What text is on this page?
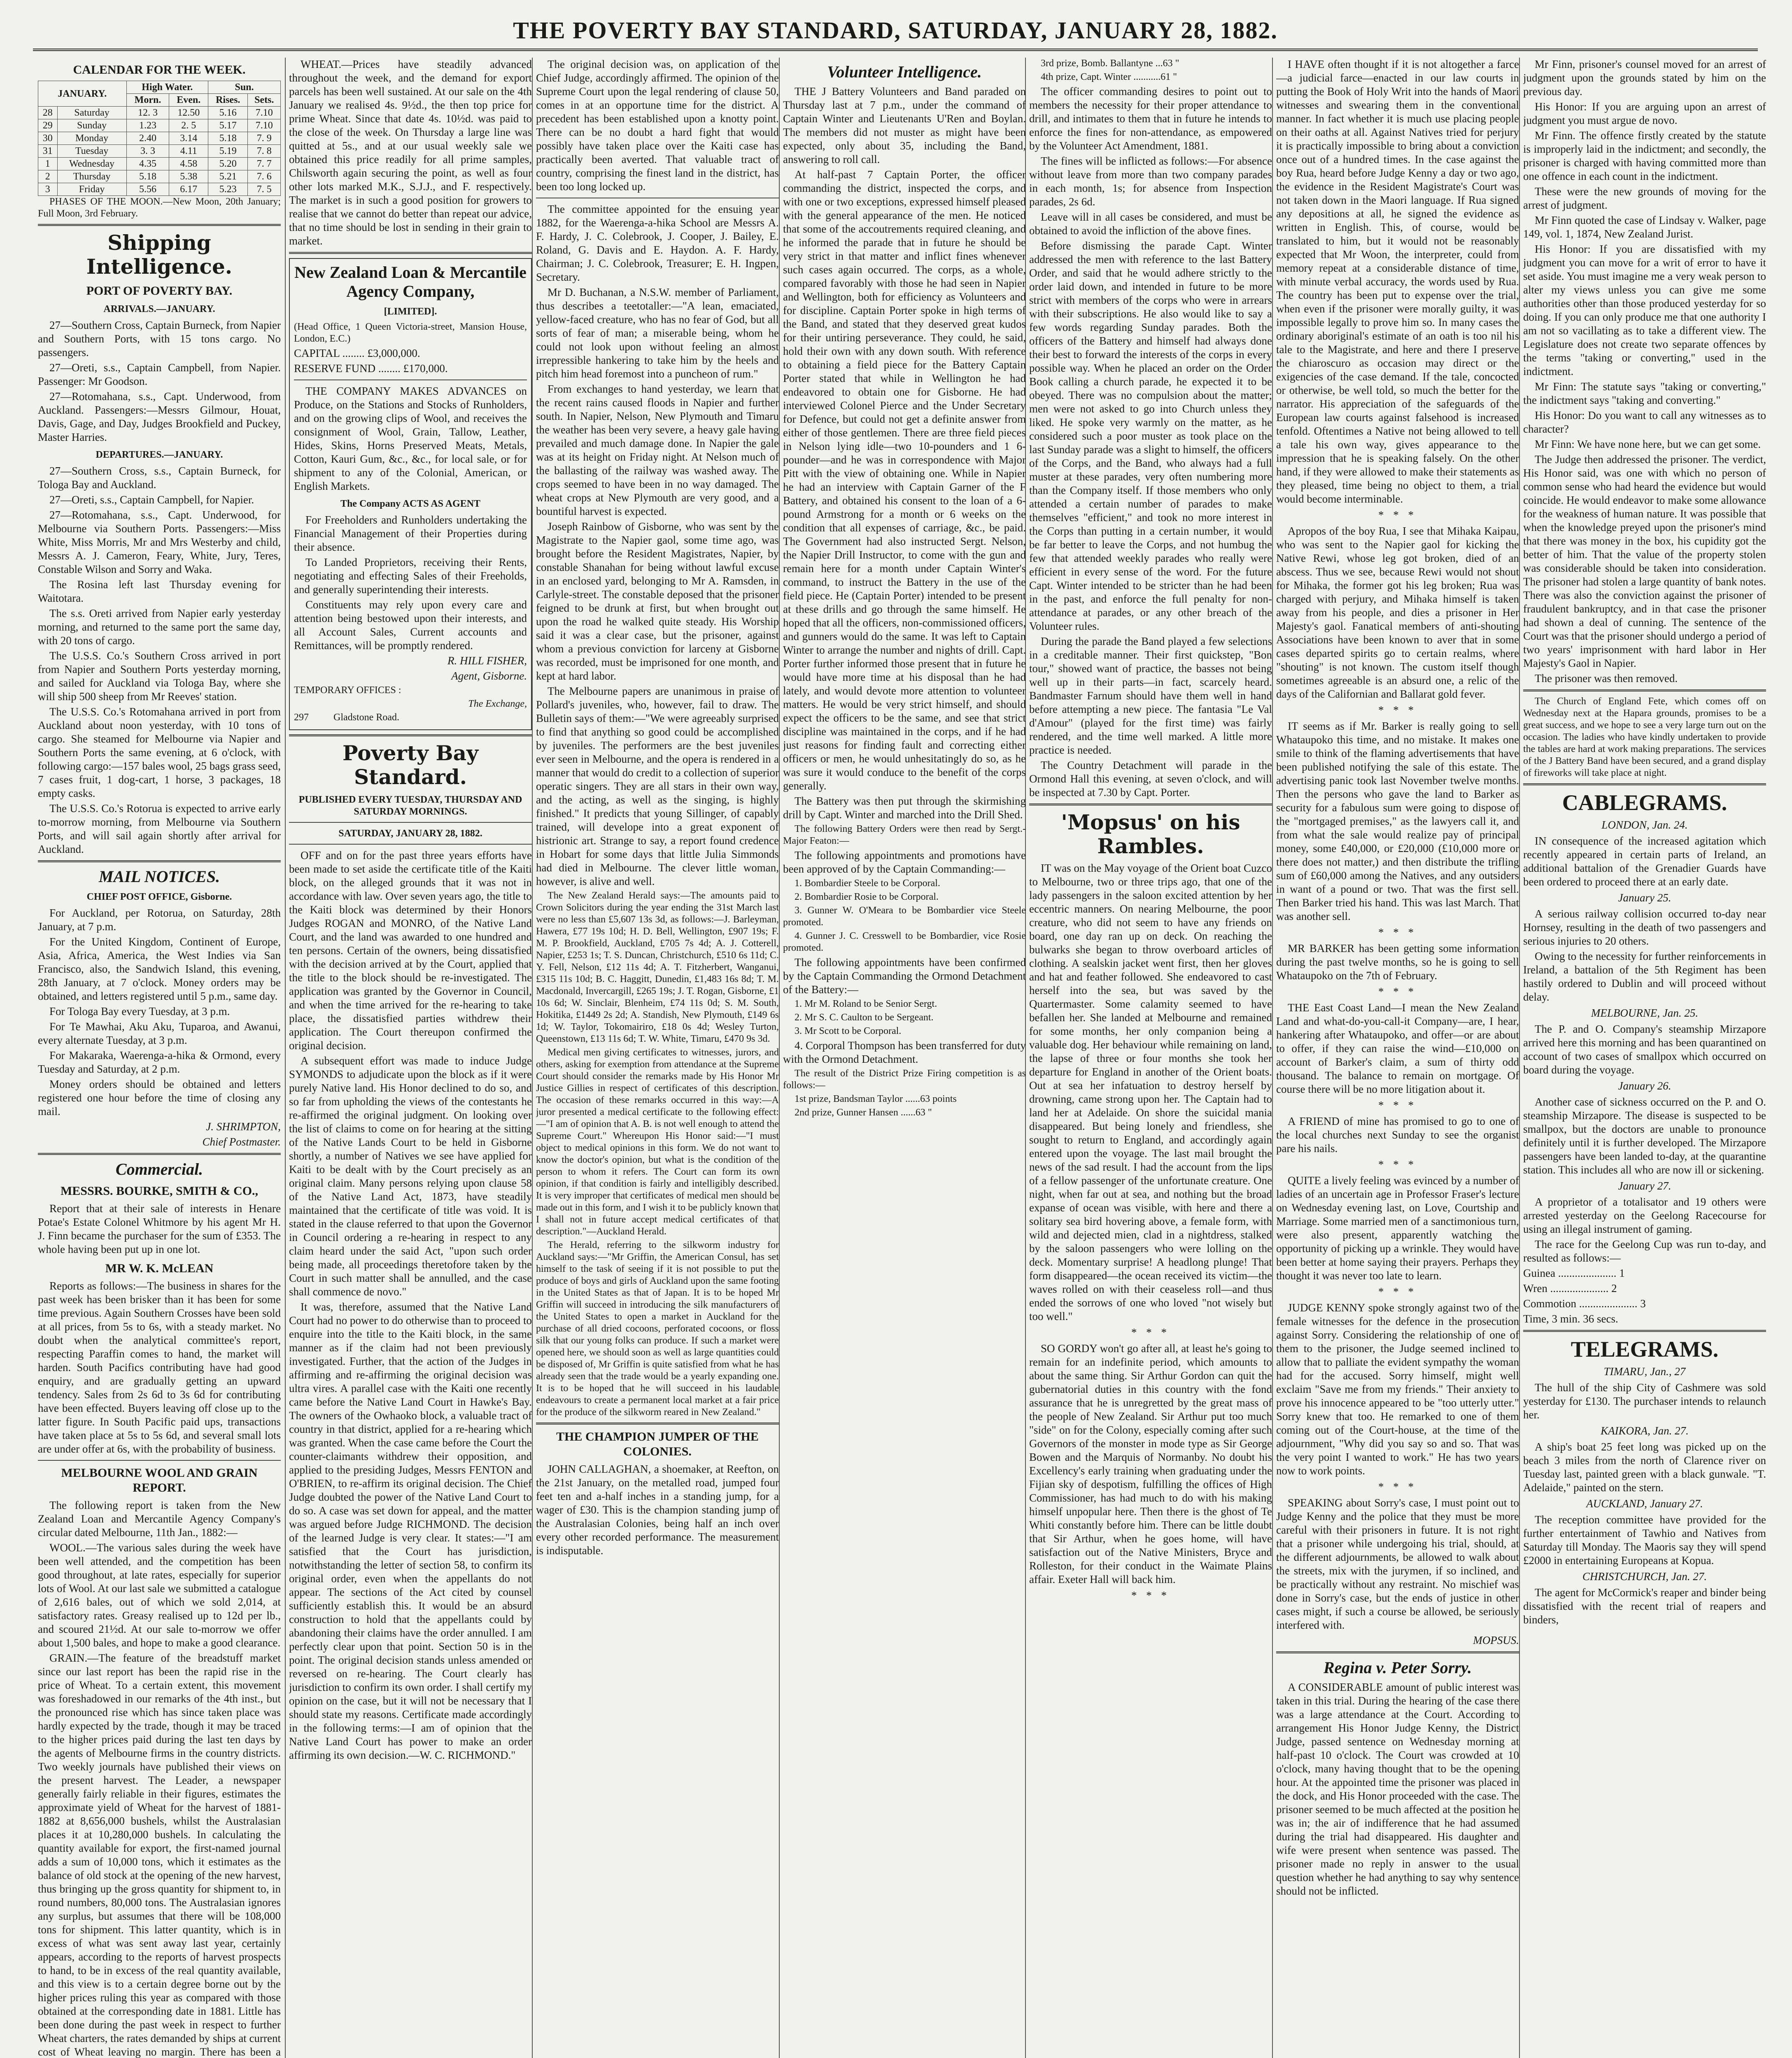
THE POVERTY BAY STANDARD, SATURDAY, JANUARY 28, 1882.
CALENDAR FOR THE WEEK.
JANUARY.		High Water.		Sun.	
		Morn.	Even.	Rises.	Sets.
28	Saturday	12. 3	12.50	5.16	7.10
29	Sunday	1.23	2. 5	5.17	7.10
30	Monday	2.40	3.14	5.18	7. 9
31	Tuesday	3. 3	4.11	5.19	7. 8
1	Wednesday	4.35	4.58	5.20	7. 7
2	Thursday	5.18	5.38	5.21	7. 6
3	Friday	5.56	6.17	5.23	7. 5

PHASES OF THE MOON.—New Moon, 20th January; Full Moon, 3rd February.

Shipping Intelligence.
PORT OF POVERTY BAY.
ARRIVALS.—JANUARY.

27—Southern Cross, Captain Burneck, from Napier and Southern Ports, with 15 tons cargo. No passengers.

27—Oreti, s.s., Captain Campbell, from Napier. Passenger: Mr Goodson.

27—Rotomahana, s.s., Capt. Underwood, from Auckland. Passengers:—Messrs Gilmour, Houat, Davis, Gage, and Day, Judges Brookfield and Puckey, Master Harries.

DEPARTURES.—JANUARY.

27—Southern Cross, s.s., Captain Burneck, for Tologa Bay and Auckland.

27—Oreti, s.s., Captain Campbell, for Napier.

27—Rotomahana, s.s., Capt. Underwood, for Melbourne via Southern Ports. Passengers:—Miss White, Miss Morris, Mr and Mrs Westerby and child, Messrs A. J. Cameron, Feary, White, Jury, Teres, Constable Wilson and Sorry and Waka.

The Rosina left last Thursday evening for Waitotara.

The s.s. Oreti arrived from Napier early yesterday morning, and returned to the same port the same day, with 20 tons of cargo.

The U.S.S. Co.'s Southern Cross arrived in port from Napier and Southern Ports yesterday morning, and sailed for Auckland via Tologa Bay, where she will ship 500 sheep from Mr Reeves' station.

The U.S.S. Co.'s Rotomahana arrived in port from Auckland about noon yesterday, with 10 tons of cargo. She steamed for Melbourne via Napier and Southern Ports the same evening, at 6 o'clock, with following cargo:—157 bales wool, 25 bags grass seed, 7 cases fruit, 1 dog-cart, 1 horse, 3 packages, 18 empty casks.

The U.S.S. Co.'s Rotorua is expected to arrive early to-morrow morning, from Melbourne via Southern Ports, and will sail again shortly after arrival for Auckland.

MAIL NOTICES.
CHIEF POST OFFICE, Gisborne.

For Auckland, per Rotorua, on Saturday, 28th January, at 7 p.m.

For the United Kingdom, Continent of Europe, Asia, Africa, America, the West Indies via San Francisco, also, the Sandwich Island, this evening, 28th January, at 7 o'clock. Money orders may be obtained, and letters registered until 5 p.m., same day.

For Tologa Bay every Tuesday, at 3 p.m.

For Te Mawhai, Aku Aku, Tuparoa, and Awanui, every alternate Tuesday, at 3 p.m.

For Makaraka, Waerenga-a-hika & Ormond, every Tuesday and Saturday, at 2 p.m.

Money orders should be obtained and letters registered one hour before the time of closing any mail.

J. SHRIMPTON,

Chief Postmaster.

Commercial.
MESSRS. BOURKE, SMITH & CO.,

Report that at their sale of interests in Henare Potae's Estate Colonel Whitmore by his agent Mr H. J. Finn became the purchaser for the sum of £353. The whole having been put up in one lot.

MR W. K. McLEAN

Reports as follows:—The business in shares for the past week has been brisker than it has been for some time previous. Again Southern Crosses have been sold at all prices, from 5s to 6s, with a steady market. No doubt when the analytical committee's report, respecting Paraffin comes to hand, the market will harden. South Pacifics contributing have had good enquiry, and are gradually getting an upward tendency. Sales from 2s 6d to 3s 6d for contributing have been effected. Buyers leaving off close up to the latter figure. In South Pacific paid ups, transactions have taken place at 5s to 5s 6d, and several small lots are under offer at 6s, with the probability of business.

MELBOURNE WOOL AND GRAIN REPORT.

The following report is taken from the New Zealand Loan and Mercantile Agency Company's circular dated Melbourne, 11th Jan., 1882:—

WOOL.—The various sales during the week have been well attended, and the competition has been good throughout, at late rates, especially for superior lots of Wool. At our last sale we submitted a catalogue of 2,616 bales, out of which we sold 2,014, at satisfactory rates. Greasy realised up to 12d per lb., and scoured 21½d. At our sale to-morrow we offer about 1,500 bales, and hope to make a good clearance.

GRAIN.—The feature of the breadstuff market since our last report has been the rapid rise in the price of Wheat. To a certain extent, this movement was foreshadowed in our remarks of the 4th inst., but the pronounced rise which has since taken place was hardly expected by the trade, though it may be traced to the higher prices paid during the last ten days by the agents of Melbourne firms in the country districts. Two weekly journals have published their views on the present harvest. The Leader, a newspaper generally fairly reliable in their figures, estimates the approximate yield of Wheat for the harvest of 1881-1882 at 8,656,000 bushels, whilst the Australasian places it at 10,280,000 bushels. In calculating the quantity available for export, the first-named journal adds a sum of 10,000 tons, which it estimates as the balance of old stock at the opening of the new harvest, thus bringing up the gross quantity for shipment to, in round numbers, 80,000 tons. The Australasian ignores any surplus, but assumes that there will be 108,000 tons for shipment. This latter quantity, which is in excess of what was sent away last year, certainly appears, according to the reports of harvest prospects to hand, to be in excess of the real quantity available, and this view is to a certain degree borne out by the higher prices ruling this year as compared with those obtained at the corresponding date in 1881. Little has been done during the past week in respect to further Wheat charters, the rates demanded by ships at current cost of Wheat leaving no margin. There has been a

WHEAT.—Prices have steadily advanced throughout the week, and the demand for export parcels has been well sustained. At our sale on the 4th January we realised 4s. 9½d., the then top price for prime Wheat. Since that date 4s. 10½d. was paid to the close of the week. On Thursday a large line was quitted at 5s., and at our usual weekly sale we obtained this price readily for all prime samples, Chilsworth again securing the point, as well as four other lots marked M.K., S.J.J., and F. respectively. The market is in such a good position for growers to realise that we cannot do better than repeat our advice, that no time should be lost in sending in their grain to market.

New Zealand Loan & Mercantile Agency Company,
[LIMITED].

(Head Office, 1 Queen Victoria-street, Mansion House, London, E.C.)

CAPITAL ........ £3,000,000.

RESERVE FUND ........ £170,000.

THE COMPANY MAKES ADVANCES on Produce, on the Stations and Stocks of Runholders, and on the growing clips of Wool, and receives the consignment of Wool, Grain, Tallow, Leather, Hides, Skins, Horns Preserved Meats, Metals, Cotton, Kauri Gum, &c., &c., for local sale, or for shipment to any of the Colonial, American, or English Markets.

The Company ACTS AS AGENT

For Freeholders and Runholders undertaking the Financial Management of their Properties during their absence.

To Landed Proprietors, receiving their Rents, negotiating and effecting Sales of their Freeholds, and generally superintending their interests.

Constituents may rely upon every care and attention being bestowed upon their interests, and all Account Sales, Current accounts and Remittances, will be promptly rendered.

R. HILL FISHER,

Agent, Gisborne.

TEMPORARY OFFICES :

The Exchange,

297	Gladstone Road.

Poverty Bay Standard.
PUBLISHED EVERY TUESDAY, THURSDAY AND SATURDAY MORNINGS.
SATURDAY, JANUARY 28, 1882.

OFF and on for the past three years efforts have been made to set aside the certificate title of the Kaiti block, on the alleged grounds that it was not in accordance with law. Over seven years ago, the title to the Kaiti block was determined by their Honors Judges ROGAN and MONRO, of the Native Land Court, and the land was awarded to one hundred and ten persons. Certain of the owners, being dissatisfied with the decision arrived at by the Court, applied that the title to the block should be re-investigated. The application was granted by the Governor in Council, and when the time arrived for the re-hearing to take place, the dissatisfied parties withdrew their application. The Court thereupon confirmed the original decision.

A subsequent effort was made to induce Judge SYMONDS to adjudicate upon the block as if it were purely Native land. His Honor declined to do so, and so far from upholding the views of the contestants he re-affirmed the original judgment. On looking over the list of claims to come on for hearing at the sitting of the Native Lands Court to be held in Gisborne shortly, a number of Natives we see have applied for Kaiti to be dealt with by the Court precisely as an original claim. Many persons relying upon clause 58 of the Native Land Act, 1873, have steadily maintained that the certificate of title was void. It is stated in the clause referred to that upon the Governor in Council ordering a re-hearing in respect to any claim heard under the said Act, "upon such order being made, all proceedings theretofore taken by the Court in such matter shall be annulled, and the case shall commence de novo."

It was, therefore, assumed that the Native Land Court had no power to do otherwise than to proceed to enquire into the title to the Kaiti block, in the same manner as if the claim had not been previously investigated. Further, that the action of the Judges in affirming and re-affirming the original decision was ultra vires. A parallel case with the Kaiti one recently came before the Native Land Court in Hawke's Bay. The owners of the Owhaoko block, a valuable tract of country in that district, applied for a re-hearing which was granted. When the case came before the Court the counter-claimants withdrew their opposition, and applied to the presiding Judges, Messrs FENTON and O'BRIEN, to re-affirm its original decision. The Chief Judge doubted the power of the Native Land Court to do so. A case was set down for appeal, and the matter was argued before Judge RICHMOND. The decision of the learned Judge is very clear. It states:—"I am satisfied that the Court has jurisdiction, notwithstanding the letter of section 58, to confirm its original order, even when the appellants do not appear. The sections of the Act cited by counsel sufficiently establish this. It would be an absurd construction to hold that the appellants could by abandoning their claims have the order annulled. I am perfectly clear upon that point. Section 50 is in the point. The original decision stands unless amended or reversed on re-hearing. The Court clearly has jurisdiction to confirm its own order. I shall certify my opinion on the case, but it will not be necessary that I should state my reasons. Certificate made accordingly in the following terms:—I am of opinion that the Native Land Court has power to make an order affirming its own decision.—W. C. RICHMOND."

The original decision was, on application of the Chief Judge, accordingly affirmed. The opinion of the Supreme Court upon the legal rendering of clause 50, comes in at an opportune time for the district. A precedent has been established upon a knotty point. There can be no doubt a hard fight that would possibly have taken place over the Kaiti case has practically been averted. That valuable tract of country, comprising the finest land in the district, has been too long locked up.

The committee appointed for the ensuing year 1882, for the Waerenga-a-hika School are Messrs A. F. Hardy, J. C. Colebrook, J. Cooper, J. Bailey, E. Roland, G. Davis and E. Haydon. A. F. Hardy, Chairman; J. C. Colebrook, Treasurer; E. H. Ingpen, Secretary.

Mr D. Buchanan, a N.S.W. member of Parliament, thus describes a teetotaller:—"A lean, emaciated, yellow-faced creature, who has no fear of God, but all sorts of fear of man; a miserable being, whom he could not look upon without feeling an almost irrepressible hankering to take him by the heels and pitch him head foremost into a puncheon of rum."

From exchanges to hand yesterday, we learn that the recent rains caused floods in Napier and further south. In Napier, Nelson, New Plymouth and Timaru the weather has been very severe, a heavy gale having prevailed and much damage done. In Napier the gale was at its height on Friday night. At Nelson much of the ballasting of the railway was washed away. The crops seemed to have been in no way damaged. The wheat crops at New Plymouth are very good, and a bountiful harvest is expected.

Joseph Rainbow of Gisborne, who was sent by the Magistrate to the Napier gaol, some time ago, was brought before the Resident Magistrates, Napier, by constable Shanahan for being without lawful excuse in an enclosed yard, belonging to Mr A. Ramsden, in Carlyle-street. The constable deposed that the prisoner feigned to be drunk at first, but when brought out upon the road he walked quite steady. His Worship said it was a clear case, but the prisoner, against whom a previous conviction for larceny at Gisborne was recorded, must be imprisoned for one month, and kept at hard labor.

The Melbourne papers are unanimous in praise of Pollard's juveniles, who, however, fail to draw. The Bulletin says of them:—"We were agreeably surprised to find that anything so good could be accomplished by juveniles. The performers are the best juveniles ever seen in Melbourne, and the opera is rendered in a manner that would do credit to a collection of superior operatic singers. They are all stars in their own way, and the acting, as well as the singing, is highly finished." It predicts that young Sillinger, of capably trained, will develope into a great exponent of histrionic art. Strange to say, a report found credence in Hobart for some days that little Julia Simmonds had died in Melbourne. The clever little woman, however, is alive and well.

The New Zealand Herald says:—The amounts paid to Crown Solicitors during the year ending the 31st March last were no less than £5,607 13s 3d, as follows:—J. Barleyman, Hawera, £77 19s 10d; H. D. Bell, Wellington, £907 19s; F. M. P. Brookfield, Auckland, £705 7s 4d; A. J. Cotterell, Napier, £253 1s; T. S. Duncan, Christchurch, £510 6s 11d; C. Y. Fell, Nelson, £12 11s 4d; A. T. Fitzherbert, Wanganui, £315 11s 10d; B. C. Haggitt, Dunedin, £1,483 16s 8d; T. M. Macdonald, Invercargill, £265 19s; J. T. Rogan, Gisborne, £1 10s 6d; W. Sinclair, Blenheim, £74 11s 0d; S. M. South, Hokitika, £1449 2s 2d; A. Standish, New Plymouth, £149 6s 1d; W. Taylor, Tokomairiro, £18 0s 4d; Wesley Turton, Queenstown, £13 11s 6d; T. W. White, Timaru, £470 9s 3d.

Medical men giving certificates to witnesses, jurors, and others, asking for exemption from attendance at the Supreme Court should consider the remarks made by His Honor Mr Justice Gillies in respect of certificates of this description. The occasion of these remarks occurred in this way:—A juror presented a medical certificate to the following effect:—"I am of opinion that A. B. is not well enough to attend the Supreme Court." Whereupon His Honor said:—"I must object to medical opinions in this form. We do not want to know the doctor's opinion, but what is the condition of the person to whom it refers. The Court can form its own opinion, if that condition is fairly and intelligibly described. It is very improper that certificates of medical men should be made out in this form, and I wish it to be publicly known that I shall not in future accept medical certificates of that description."—Auckland Herald.

The Herald, referring to the silkworm industry for Auckland says:—"Mr Griffin, the American Consul, has set himself to the task of seeing if it is not possible to put the produce of boys and girls of Auckland upon the same footing in the United States as that of Japan. It is to be hoped Mr Griffin will succeed in introducing the silk manufacturers of the United States to open a market in Auckland for the purchase of all dried cocoons, perforated cocoons, or floss silk that our young folks can produce. If such a market were opened here, we should soon as well as large quantities could be disposed of, Mr Griffin is quite satisfied from what he has already seen that the trade would be a yearly expanding one. It is to be hoped that he will succeed in his laudable endeavours to create a permanent local market at a fair price for the produce of the silkworm reared in New Zealand."

THE CHAMPION JUMPER OF THE COLONIES.

JOHN CALLAGHAN, a shoemaker, at Reefton, on the 21st January, on the metalled road, jumped four feet ten and a-half inches in a standing jump, for a wager of £30. This is the champion standing jump of the Australasian Colonies, being half an inch over every other recorded performance. The measurement is indisputable.

Volunteer Intelligence.

THE J Battery Volunteers and Band paraded on Thursday last at 7 p.m., under the command of Captain Winter and Lieutenants U'Ren and Boylan. The members did not muster as might have been expected, only about 35, including the Band, answering to roll call.

At half-past 7 Captain Porter, the officer commanding the district, inspected the corps, and with one or two exceptions, expressed himself pleased with the general appearance of the men. He noticed that some of the accoutrements required cleaning, and he informed the parade that in future he should be very strict in that matter and inflict fines whenever such cases again occurred. The corps, as a whole, compared favorably with those he had seen in Napier and Wellington, both for efficiency as Volunteers and for discipline. Captain Porter spoke in high terms of the Band, and stated that they deserved great kudos for their untiring perseverance. They could, he said, hold their own with any down south. With reference to obtaining a field piece for the Battery Captain Porter stated that while in Wellington he had endeavored to obtain one for Gisborne. He had interviewed Colonel Pierce and the Under Secretary for Defence, but could not get a definite answer from either of those gentlemen. There are three field pieces in Nelson lying idle—two 10-pounders and 1 6-pounder—and he was in correspondence with Major Pitt with the view of obtaining one. While in Napier he had an interview with Captain Garner of the F Battery, and obtained his consent to the loan of a 6-pound Armstrong for a month or 6 weeks on the condition that all expenses of carriage, &c., be paid. The Government had also instructed Sergt. Nelson, the Napier Drill Instructor, to come with the gun and remain here for a month under Captain Winter's command, to instruct the Battery in the use of the field piece. He (Captain Porter) intended to be present at these drills and go through the same himself. He hoped that all the officers, non-commissioned officers, and gunners would do the same. It was left to Captain Winter to arrange the number and nights of drill. Capt. Porter further informed those present that in future he would have more time at his disposal than he had lately, and would devote more attention to volunteer matters. He would be very strict himself, and should expect the officers to be the same, and see that strict discipline was maintained in the corps, and if he had just reasons for finding fault and correcting either officers or men, he would unhesitatingly do so, as he was sure it would conduce to the benefit of the corps generally.

The Battery was then put through the skirmishing drill by Capt. Winter and marched into the Drill Shed.

The following Battery Orders were then read by Sergt.-Major Featon:—

The following appointments and promotions have been approved of by the Captain Commanding:—

1. Bombardier Steele to be Corporal.

2. Bombardier Rosie to be Corporal.

3. Gunner W. O'Meara to be Bombardier vice Steele promoted.

4. Gunner J. C. Cresswell to be Bombardier, vice Rosie promoted.

The following appointments have been confirmed by the Captain Commanding the Ormond Detachment of the Battery:—

1. Mr M. Roland to be Senior Sergt.

2. Mr S. C. Caulton to be Sergeant.

3. Mr Scott to be Corporal.

4. Corporal Thompson has been transferred for duty with the Ormond Detachment.

The result of the District Prize Firing competition is as follows:—

1st prize, Bandsman Taylor ......63 points

2nd prize, Gunner Hansen ......63 "

3rd prize, Bomb. Ballantyne ...63 "

4th prize, Capt. Winter ...........61 "

The officer commanding desires to point out to members the necessity for their proper attendance to drill, and intimates to them that in future he intends to enforce the fines for non-attendance, as empowered by the Volunteer Act Amendment, 1881.

The fines will be inflicted as follows:—For absence without leave from more than two company parades in each month, 1s; for absence from Inspection parades, 2s 6d.

Leave will in all cases be considered, and must be obtained to avoid the infliction of the above fines.

Before dismissing the parade Capt. Winter addressed the men with reference to the last Battery Order, and said that he would adhere strictly to the order laid down, and intended in future to be more strict with members of the corps who were in arrears with their subscriptions. He also would like to say a few words regarding Sunday parades. Both the officers of the Battery and himself had always done their best to forward the interests of the corps in every possible way. When he placed an order on the Order Book calling a church parade, he expected it to be obeyed. There was no compulsion about the matter; men were not asked to go into Church unless they liked. He spoke very warmly on the matter, as he considered such a poor muster as took place on the last Sunday parade was a slight to himself, the officers of the Corps, and the Band, who always had a full muster at these parades, very often numbering more than the Company itself. If those members who only attended a certain number of parades to make themselves "efficient," and took no more interest in the Corps than putting in a certain number, it would be far better to leave the Corps, and not humbug the few that attended weekly parades who really were efficient in every sense of the word. For the future Capt. Winter intended to be stricter than he had been in the past, and enforce the full penalty for non-attendance at parades, or any other breach of the Volunteer rules.

During the parade the Band played a few selections in a creditable manner. Their first quickstep, "Bon tour," showed want of practice, the basses not being well up in their parts—in fact, scarcely heard. Bandmaster Farnum should have them well in hand before attempting a new piece. The fantasia "Le Val d'Amour" (played for the first time) was fairly rendered, and the time well marked. A little more practice is needed.

The Country Detachment will parade in the Ormond Hall this evening, at seven o'clock, and will be inspected at 7.30 by Capt. Porter.

'Mopsus' on his Rambles.

IT was on the May voyage of the Orient boat Cuzco to Melbourne, two or three trips ago, that one of the lady passengers in the saloon excited attention by her eccentric manners. On nearing Melbourne, the poor creature, who did not seem to have any friends on board, one day ran up on deck. On reaching the bulwarks she began to throw overboard articles of clothing. A sealskin jacket went first, then her gloves and hat and feather followed. She endeavored to cast herself into the sea, but was saved by the Quartermaster. Some calamity seemed to have befallen her. She landed at Melbourne and remained for some months, her only companion being a valuable dog. Her behaviour while remaining on land, the lapse of three or four months she took her departure for England in another of the Orient boats. Out at sea her infatuation to destroy herself by drowning, came strong upon her. The Captain had to land her at Adelaide. On shore the suicidal mania disappeared. But being lonely and friendless, she sought to return to England, and accordingly again entered upon the voyage. The last mail brought the news of the sad result. I had the account from the lips of a fellow passenger of the unfortunate creature. One night, when far out at sea, and nothing but the broad expanse of ocean was visible, with here and there a solitary sea bird hovering above, a female form, with wild and dejected mien, clad in a nightdress, stalked by the saloon passengers who were lolling on the deck. Momentary surprise! A headlong plunge! That form disappeared—the ocean received its victim—the waves rolled on with their ceaseless roll—and thus ended the sorrows of one who loved "not wisely but too well."

* * *

SO GORDY won't go after all, at least he's going to remain for an indefinite period, which amounts to about the same thing. Sir Arthur Gordon can quit the gubernatorial duties in this country with the fond assurance that he is unregretted by the great mass of the people of New Zealand. Sir Arthur put too much "side" on for the Colony, especially coming after such Governors of the monster in mode type as Sir George Bowen and the Marquis of Normanby. No doubt his Excellency's early training when graduating under the Fijian sky of despotism, fulfilling the offices of High Commissioner, has had much to do with his making himself unpopular here. Then there is the ghost of Te Whiti constantly before him. There can be little doubt that Sir Arthur, when he goes home, will have satisfaction out of the Native Ministers, Bryce and Rolleston, for their conduct in the Waimate Plains affair. Exeter Hall will back him.

* * *

I HAVE often thought if it is not altogether a farce—a judicial farce—enacted in our law courts in putting the Book of Holy Writ into the hands of Maori witnesses and swearing them in the conventional manner. In fact whether it is much use placing people on their oaths at all. Against Natives tried for perjury it is practically impossible to bring about a conviction once out of a hundred times. In the case against the boy Rua, heard before Judge Kenny a day or two ago, the evidence in the Resident Magistrate's Court was not taken down in the Maori language. If Rua signed any depositions at all, he signed the evidence as written in English. This, of course, would be translated to him, but it would not be reasonably expected that Mr Woon, the interpreter, could from memory repeat at a considerable distance of time, with minute verbal accuracy, the words used by Rua. The country has been put to expense over the trial, when even if the prisoner were morally guilty, it was impossible legally to prove him so. In many cases the ordinary aboriginal's estimate of an oath is too nil his tale to the Magistrate, and here and there I preserve the chiaroscuro as occasion may direct or the exigencies of the case demand. If the tale, concocted or otherwise, be well told, so much the better for the narrator. His appreciation of the safeguards of the European law courts against falsehood is increased tenfold. Oftentimes a Native not being allowed to tell a tale his own way, gives appearance to the impression that he is speaking falsely. On the other hand, if they were allowed to make their statements as they pleased, time being no object to them, a trial would become interminable.

* * *

Apropos of the boy Rua, I see that Mihaka Kaipau, who was sent to the Napier gaol for kicking the Native Rewi, whose leg got broken, died of an abscess. Thus we see, because Rewi would not shout for Mihaka, the former got his leg broken; Rua was charged with perjury, and Mihaka himself is taken away from his people, and dies a prisoner in Her Majesty's gaol. Fanatical members of anti-shouting Associations have been known to aver that in some cases departed spirits go to certain realms, where "shouting" is not known. The custom itself though sometimes agreeable is an absurd one, a relic of the days of the Californian and Ballarat gold fever.

* * *

IT seems as if Mr. Barker is really going to sell Whataupoko this time, and no mistake. It makes one smile to think of the flaming advertisements that have been published notifying the sale of this estate. The advertising panic took last November twelve months. Then the persons who gave the land to Barker as security for a fabulous sum were going to dispose of the "mortgaged premises," as the lawyers call it, and from what the sale would realize pay of principal money, some £40,000, or £20,000 (£10,000 more or there does not matter,) and then distribute the trifling sum of £60,000 among the Natives, and any outsiders in want of a pound or two. That was the first sell. Then Barker tried his hand. This was last March. That was another sell.

* * *

MR BARKER has been getting some information during the past twelve months, so he is going to sell Whataupoko on the 7th of February.

* * *

THE East Coast Land—I mean the New Zealand Land and what-do-you-call-it Company—are, I hear, hankering after Whataupoko, and offer—or are about to offer, if they can raise the wind—£10,000 on account of Barker's claim, a sum of thirty odd thousand. The balance to remain on mortgage. Of course there will be no more litigation about it.

* * *

A FRIEND of mine has promised to go to one of the local churches next Sunday to see the organist pare his nails.

* * *

QUITE a lively feeling was evinced by a number of ladies of an uncertain age in Professor Fraser's lecture on Wednesday evening last, on Love, Courtship and Marriage. Some married men of a sanctimonious turn, were also present, apparently watching the opportunity of picking up a wrinkle. They would have been better at home saying their prayers. Perhaps they thought it was never too late to learn.

* * *

JUDGE KENNY spoke strongly against two of the female witnesses for the defence in the prosecution against Sorry. Considering the relationship of one of them to the prisoner, the Judge seemed inclined to allow that to palliate the evident sympathy the woman had for the accused. Sorry himself, might well exclaim "Save me from my friends." Their anxiety to prove his innocence appeared to be "too utterly utter." Sorry knew that too. He remarked to one of them coming out of the Court-house, at the time of the adjournment, "Why did you say so and so. That was the very point I wanted to work." He has two years now to work points.

* * *

SPEAKING about Sorry's case, I must point out to Judge Kenny and the police that they must be more careful with their prisoners in future. It is not right that a prisoner while undergoing his trial, should, at the different adjournments, be allowed to walk about the streets, mix with the jurymen, if so inclined, and be practically without any restraint. No mischief was done in Sorry's case, but the ends of justice in other cases might, if such a course be allowed, be seriously interfered with.

MOPSUS.

Regina v. Peter Sorry.

A CONSIDERABLE amount of public interest was taken in this trial. During the hearing of the case there was a large attendance at the Court. According to arrangement His Honor Judge Kenny, the District Judge, passed sentence on Wednesday morning at half-past 10 o'clock. The Court was crowded at 10 o'clock, many having thought that to be the opening hour. At the appointed time the prisoner was placed in the dock, and His Honor proceeded with the case. The prisoner seemed to be much affected at the position he was in; the air of indifference that he had assumed during the trial had disappeared. His daughter and wife were present when sentence was passed. The prisoner made no reply in answer to the usual question whether he had anything to say why sentence should not be inflicted.

Mr Finn, prisoner's counsel moved for an arrest of judgment upon the grounds stated by him on the previous day.

His Honor: If you are arguing upon an arrest of judgment you must argue de novo.

Mr Finn. The offence firstly created by the statute is improperly laid in the indictment; and secondly, the prisoner is charged with having committed more than one offence in each count in the indictment.

These were the new grounds of moving for the arrest of judgment.

Mr Finn quoted the case of Lindsay v. Walker, page 149, vol. 1, 1874, New Zealand Jurist.

His Honor: If you are dissatisfied with my judgment you can move for a writ of error to have it set aside. You must imagine me a very weak person to alter my views unless you can give me some authorities other than those produced yesterday for so doing. If you can only produce me that one authority I am not so vacillating as to take a different view. The Legislature does not create two separate offences by the terms "taking or converting," used in the indictment.

Mr Finn: The statute says "taking or converting," the indictment says "taking and converting."

His Honor: Do you want to call any witnesses as to character?

Mr Finn: We have none here, but we can get some.

The Judge then addressed the prisoner. The verdict, His Honor said, was one with which no person of common sense who had heard the evidence but would coincide. He would endeavor to make some allowance for the weakness of human nature. It was possible that when the knowledge preyed upon the prisoner's mind that there was money in the box, his cupidity got the better of him. That the value of the property stolen was considerable should be taken into consideration. The prisoner had stolen a large quantity of bank notes. There was also the conviction against the prisoner of fraudulent bankruptcy, and in that case the prisoner had shown a deal of cunning. The sentence of the Court was that the prisoner should undergo a period of two years' imprisonment with hard labor in Her Majesty's Gaol in Napier.

The prisoner was then removed.

The Church of England Fete, which comes off on Wednesday next at the Hapara grounds, promises to be a great success, and we hope to see a very large turn out on the occasion. The ladies who have kindly undertaken to provide the tables are hard at work making preparations. The services of the J Battery Band have been secured, and a grand display of fireworks will take place at night.

CABLEGRAMS.

LONDON, Jan. 24.

IN consequence of the increased agitation which recently appeared in certain parts of Ireland, an additional battalion of the Grenadier Guards have been ordered to proceed there at an early date.

January 25.

A serious railway collision occurred to-day near Hornsey, resulting in the death of two passengers and serious injuries to 20 others.

Owing to the necessity for further reinforcements in Ireland, a battalion of the 5th Regiment has been hastily ordered to Dublin and will proceed without delay.

MELBOURNE, Jan. 25.

The P. and O. Company's steamship Mirzapore arrived here this morning and has been quarantined on account of two cases of smallpox which occurred on board during the voyage.

January 26.

Another case of sickness occurred on the P. and O. steamship Mirzapore. The disease is suspected to be smallpox, but the doctors are unable to pronounce definitely until it is further developed. The Mirzapore passengers have been landed to-day, at the quarantine station. This includes all who are now ill or sickening.

January 27.

A proprietor of a totalisator and 19 others were arrested yesterday on the Geelong Racecourse for using an illegal instrument of gaming.

The race for the Geelong Cup was run to-day, and resulted as follows:—

Guinea ..................... 1

Wren ..................... 2

Commotion ..................... 3

Time, 3 min. 36 secs.

TELEGRAMS.

TIMARU, Jan., 27

The hull of the ship City of Cashmere was sold yesterday for £130. The purchaser intends to relaunch her.

KAIKORA, Jan. 27.

A ship's boat 25 feet long was picked up on the beach 3 miles from the north of Clarence river on Tuesday last, painted green with a black gunwale. "T. Adelaide," painted on the stern.

AUCKLAND, January 27.

The reception committee have provided for the further entertainment of Tawhio and Natives from Saturday till Monday. The Maoris say they will spend £2000 in entertaining Europeans at Kopua.

CHRISTCHURCH, Jan. 27.

The agent for McCormick's reaper and binder being dissatisfied with the recent trial of reapers and binders,
